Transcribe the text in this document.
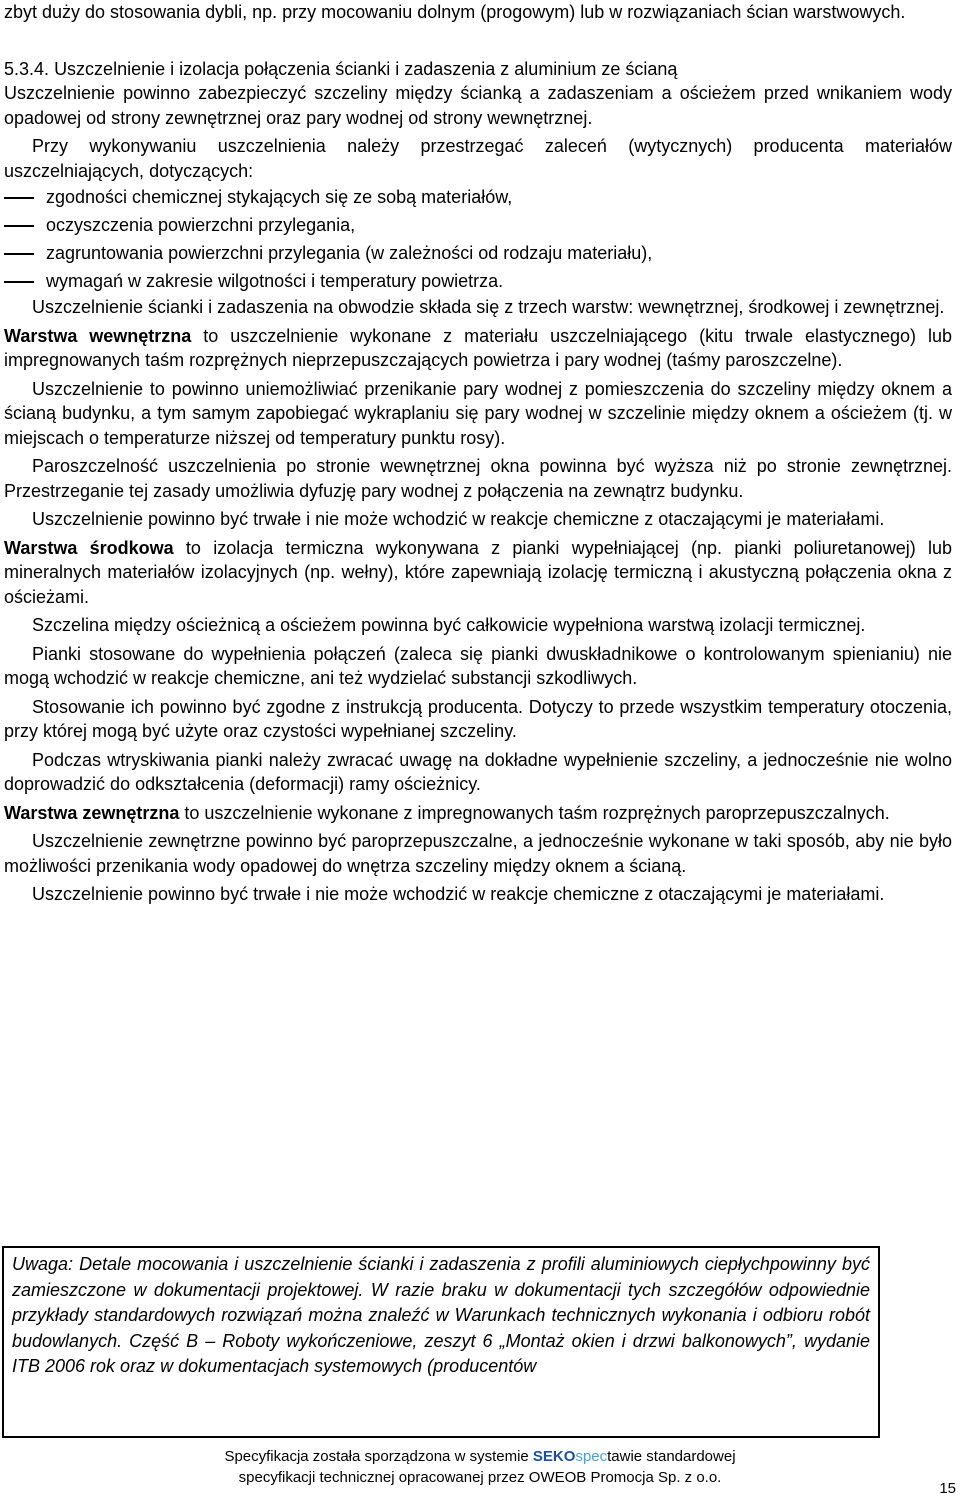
zbyt duży do stosowania dybli, np. przy mocowaniu dolnym (progowym) lub w rozwiązaniach ścian warstwowych.

5.3.4. Uszczelnienie i izolacja połączenia ścianki i zadaszenia z aluminium ze ścianą

Uszczelnienie powinno zabezpieczyć szczeliny między ścianką a zadaszeniam a ościeżem przed wnikaniem wody opadowej od strony zewnętrznej oraz pary wodnej od strony wewnętrznej.

Przy wykonywaniu uszczelnienia należy przestrzegać zaleceń (wytycznych) producenta materiałów uszczelniających, dotyczących:

zgodności chemicznej stykających się ze sobą materiałów,
oczyszczenia powierzchni przylegania,
zagruntowania powierzchni przylegania (w zależności od rodzaju materiału),
wymagań w zakresie wilgotności i temperatury powietrza.

Uszczelnienie ścianki i zadaszenia na obwodzie składa się z trzech warstw: wewnętrznej, środkowej i zewnętrznej.

Warstwa wewnętrzna to uszczelnienie wykonane z materiału uszczelniającego (kitu trwale elastycznego) lub impregnowanych taśm rozprężnych nieprzepuszczających powietrza i pary wodnej (taśmy paroszczelne).

Uszczelnienie to powinno uniemożliwiać przenikanie pary wodnej z pomieszczenia do szczeliny między oknem a ścianą budynku, a tym samym zapobiegać wykraplaniu się pary wodnej w szczelinie między oknem a ościeżem (tj. w miejscach o temperaturze niższej od temperatury punktu rosy).

Paroszczelność uszczelnienia po stronie wewnętrznej okna powinna być wyższa niż po stronie zewnętrznej. Przestrzeganie tej zasady umożliwia dyfuzję pary wodnej z połączenia na zewnątrz budynku.

Uszczelnienie powinno być trwałe i nie może wchodzić w reakcje chemiczne z otaczającymi je materiałami.

Warstwa środkowa to izolacja termiczna wykonywana z pianki wypełniającej (np. pianki poliuretanowej) lub mineralnych materiałów izolacyjnych (np. wełny), które zapewniają izolację termiczną i akustyczną połączenia okna z ościeżami.

Szczelina między ościeżnicą a ościeżem powinna być całkowicie wypełniona warstwą izolacji termicznej.

Pianki stosowane do wypełnienia połączeń (zaleca się pianki dwuskładnikowe o kontrolowanym spienianiu) nie mogą wchodzić w reakcje chemiczne, ani też wydzielać substancji szkodliwych.

Stosowanie ich powinno być zgodne z instrukcją producenta. Dotyczy to przede wszystkim temperatury otoczenia, przy której mogą być użyte oraz czystości wypełnianej szczeliny.

Podczas wtryskiwania pianki należy zwracać uwagę na dokładne wypełnienie szczeliny, a jednocześnie nie wolno doprowadzić do odkształcenia (deformacji) ramy ościeżnicy.

Warstwa zewnętrzna to uszczelnienie wykonane z impregnowanych taśm rozprężnych paroprzepuszczalnych.

Uszczelnienie zewnętrzne powinno być paroprzepuszczalne, a jednocześnie wykonane w taki sposób, aby nie było możliwości przenikania wody opadowej do wnętrza szczeliny między oknem a ścianą.

Uszczelnienie powinno być trwałe i nie może wchodzić w reakcje chemiczne z otaczającymi je materiałami.

Uwaga: Detale mocowania i uszczelnienie ścianki i zadaszenia z profili aluminiowych ciepłychpowinny być zamieszczone w dokumentacji projektowej. W razie braku w dokumentacji tych szczegółów odpowiednie przykłady standardowych rozwiązań można znaleźć w Warunkach technicznych wykonania i odbioru robót budowlanych. Część B – Roboty wykończeniowe, zeszyt 6 „Montaż okien i drzwi balkonowych”, wydanie ITB 2006 rok oraz w dokumentacjach systemowych (producentów
Specyfikacja została sporządzona w systemie SEKOspectawie standardowej
specyfikacji technicznej opracowanej przez OWEOB Promocja Sp. z o.o.
15
